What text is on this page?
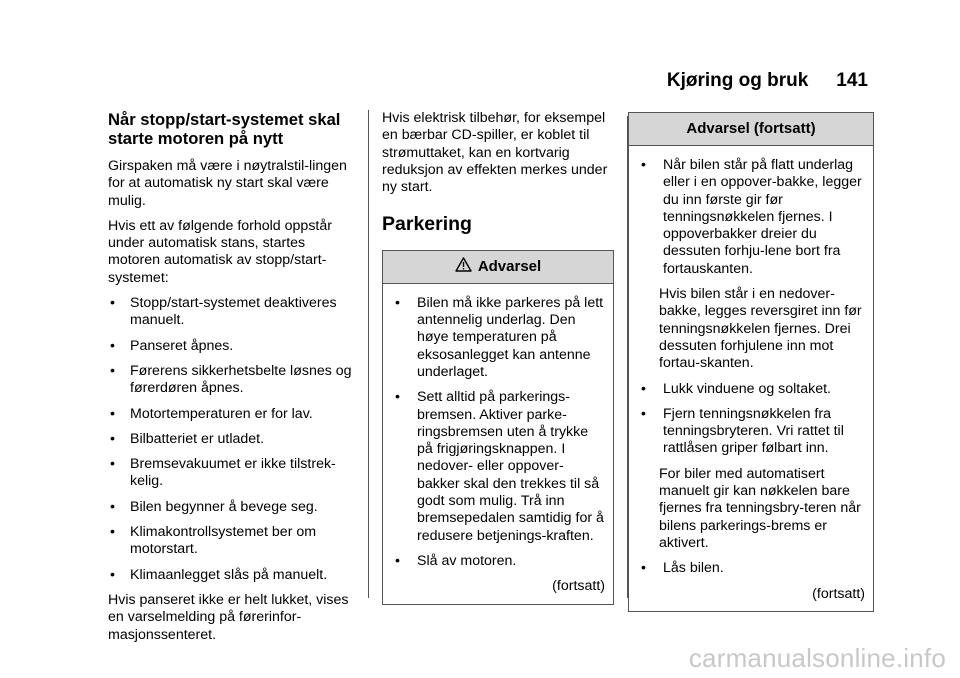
Kjøring og bruk 141
Når stopp/start-systemet skal starte motoren på nytt

Girspaken må være i nøytralstil-lingen for at automatisk ny start skal være mulig.

Hvis ett av følgende forhold oppstår under automatisk stans, startes motoren automatisk av stopp/start-systemet:

•	Stopp/start-systemet deaktiveres manuelt.
•	Panseret åpnes.
•	Førerens sikkerhetsbelte løsnes og førerdøren åpnes.
•	Motortemperaturen er for lav.
•	Bilbatteriet er utladet.
•	Bremsevakuumet er ikke tilstrek-kelig.
•	Bilen begynner å bevege seg.
•	Klimakontrollsystemet ber om motorstart.
•	Klimaanlegget slås på manuelt.

Hvis panseret ikke er helt lukket, vises en varselmelding på førerinfor-masjonssenteret.

Hvis elektrisk tilbehør, for eksempel en bærbar CD-spiller, er koblet til strømuttaket, kan en kortvarig reduksjon av effekten merkes under ny start.

Parkering
Advarsel
•	Bilen må ikke parkeres på lett antennelig underlag. Den høye temperaturen på eksosanlegget kan antenne underlaget.
•	Sett alltid på parkerings-bremsen. Aktiver parke-ringsbremsen uten å trykke på frigjøringsknappen. I nedover- eller oppover-bakker skal den trekkes til så godt som mulig. Trå inn bremsepedalen samtidig for å redusere betjenings-kraften.
•	Slå av motoren.
(fortsatt)
Advarsel (fortsatt)
•	Når bilen står på flatt underlag eller i en oppover-bakke, legger du inn første gir før tenningsnøkkelen fjernes. I oppoverbakker dreier du dessuten forhju-lene bort fra fortauskanten.

Hvis bilen står i en nedover-bakke, legges reversgiret inn før tenningsnøkkelen fjernes. Drei dessuten forhjulene inn mot fortau-skanten.

•	Lukk vinduene og soltaket.
•	Fjern tenningsnøkkelen fra tenningsbryteren. Vri rattet til rattlåsen griper følbart inn.

For biler med automatisert manuelt gir kan nøkkelen bare fjernes fra tenningsbry-teren når bilens parkerings-brems er aktivert.

•	Lås bilen.
(fortsatt)
carmanualsonline.info
